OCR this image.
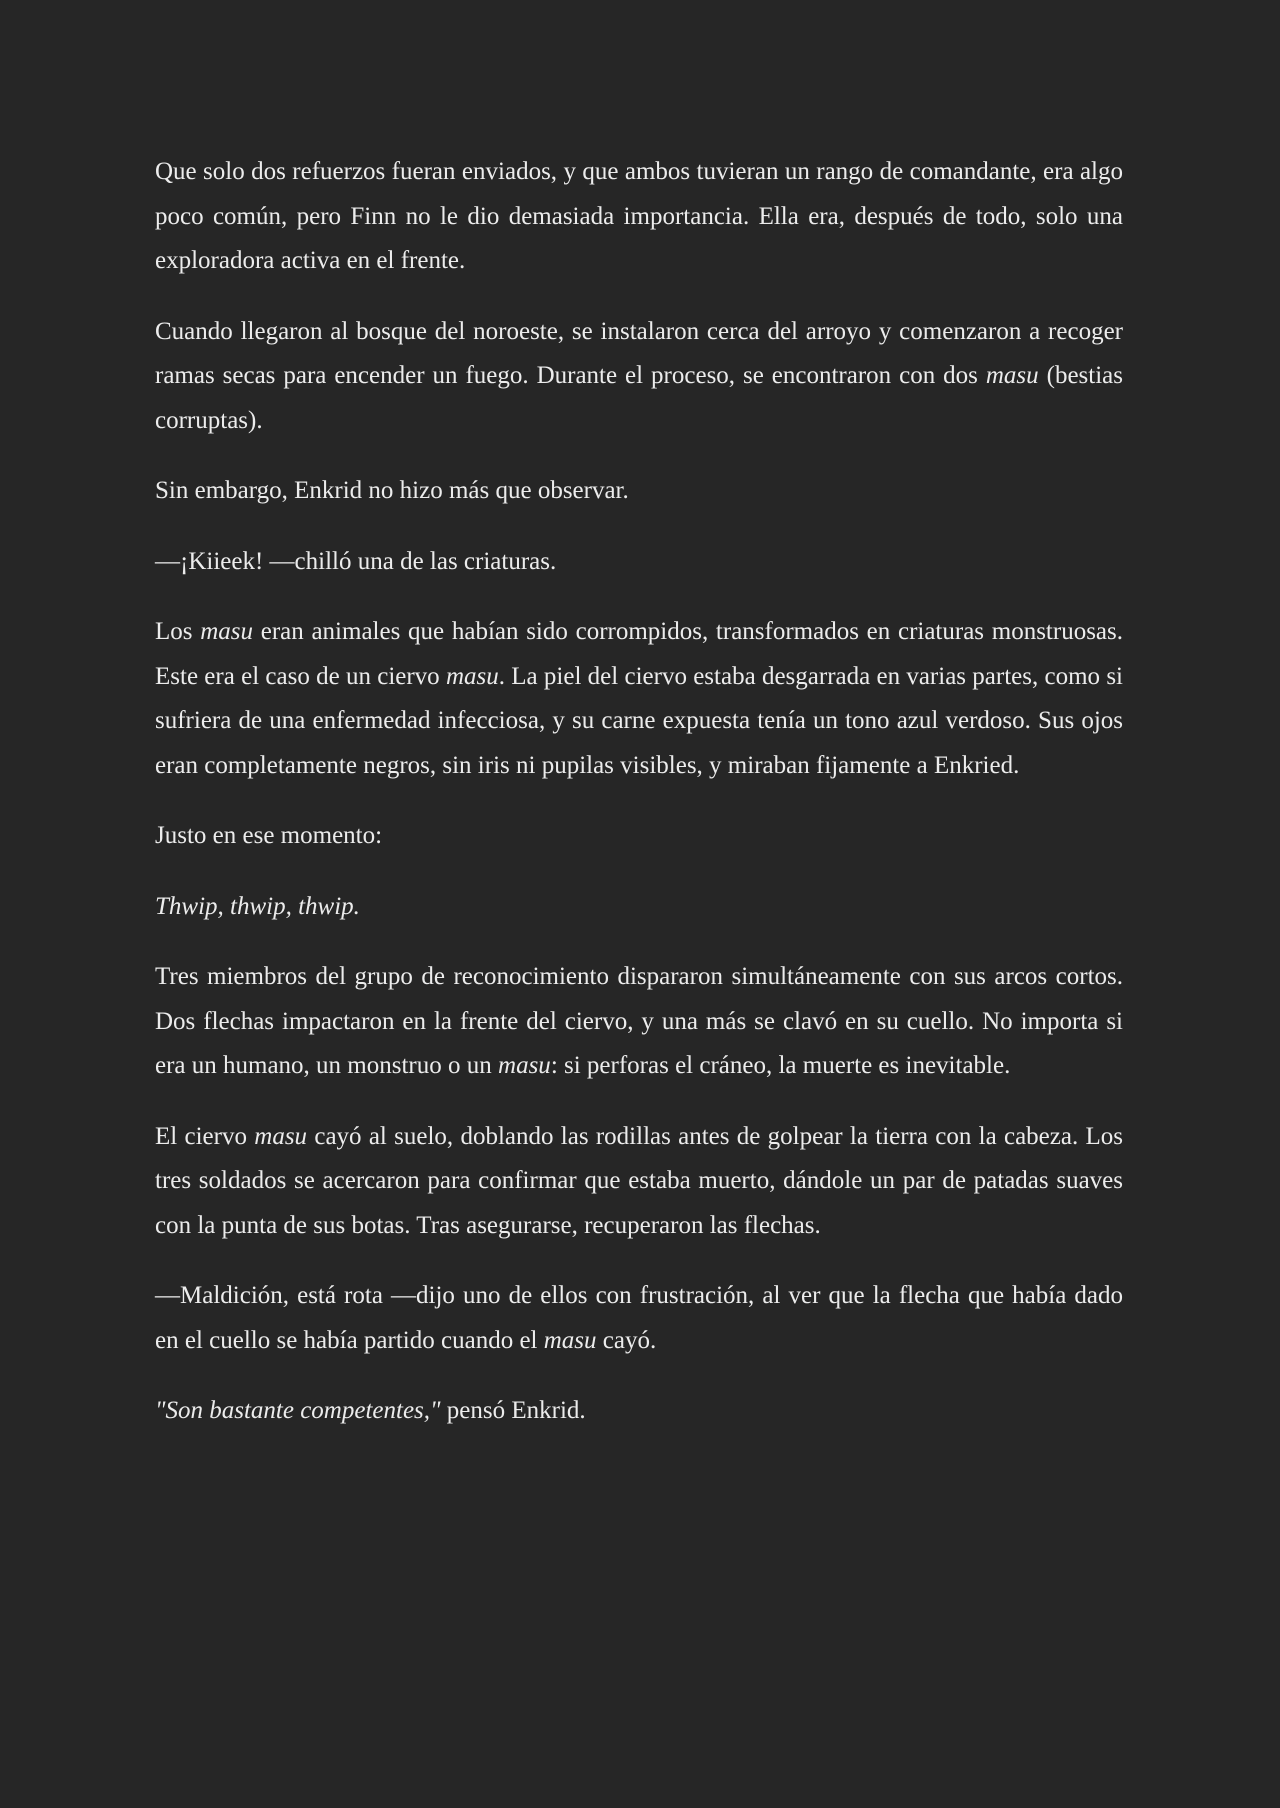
Que solo dos refuerzos fueran enviados, y que ambos tuvieran un rango de comandante, era algo poco común, pero Finn no le dio demasiada importancia. Ella era, después de todo, solo una exploradora activa en el frente.

Cuando llegaron al bosque del noroeste, se instalaron cerca del arroyo y comenzaron a recoger ramas secas para encender un fuego. Durante el proceso, se encontraron con dos masu (bestias corruptas).

Sin embargo, Enkrid no hizo más que observar.

—¡Kiieek! —chilló una de las criaturas.

Los masu eran animales que habían sido corrompidos, transformados en criaturas monstruosas. Este era el caso de un ciervo masu. La piel del ciervo estaba desgarrada en varias partes, como si sufriera de una enfermedad infecciosa, y su carne expuesta tenía un tono azul verdoso. Sus ojos eran completamente negros, sin iris ni pupilas visibles, y miraban fijamente a Enkried.

Justo en ese momento:

Thwip, thwip, thwip.

Tres miembros del grupo de reconocimiento dispararon simultáneamente con sus arcos cortos. Dos flechas impactaron en la frente del ciervo, y una más se clavó en su cuello. No importa si era un humano, un monstruo o un masu: si perforas el cráneo, la muerte es inevitable.

El ciervo masu cayó al suelo, doblando las rodillas antes de golpear la tierra con la cabeza. Los tres soldados se acercaron para confirmar que estaba muerto, dándole un par de patadas suaves con la punta de sus botas. Tras asegurarse, recuperaron las flechas.

—Maldición, está rota —dijo uno de ellos con frustración, al ver que la flecha que había dado en el cuello se había partido cuando el masu cayó.

"Son bastante competentes," pensó Enkrid.
